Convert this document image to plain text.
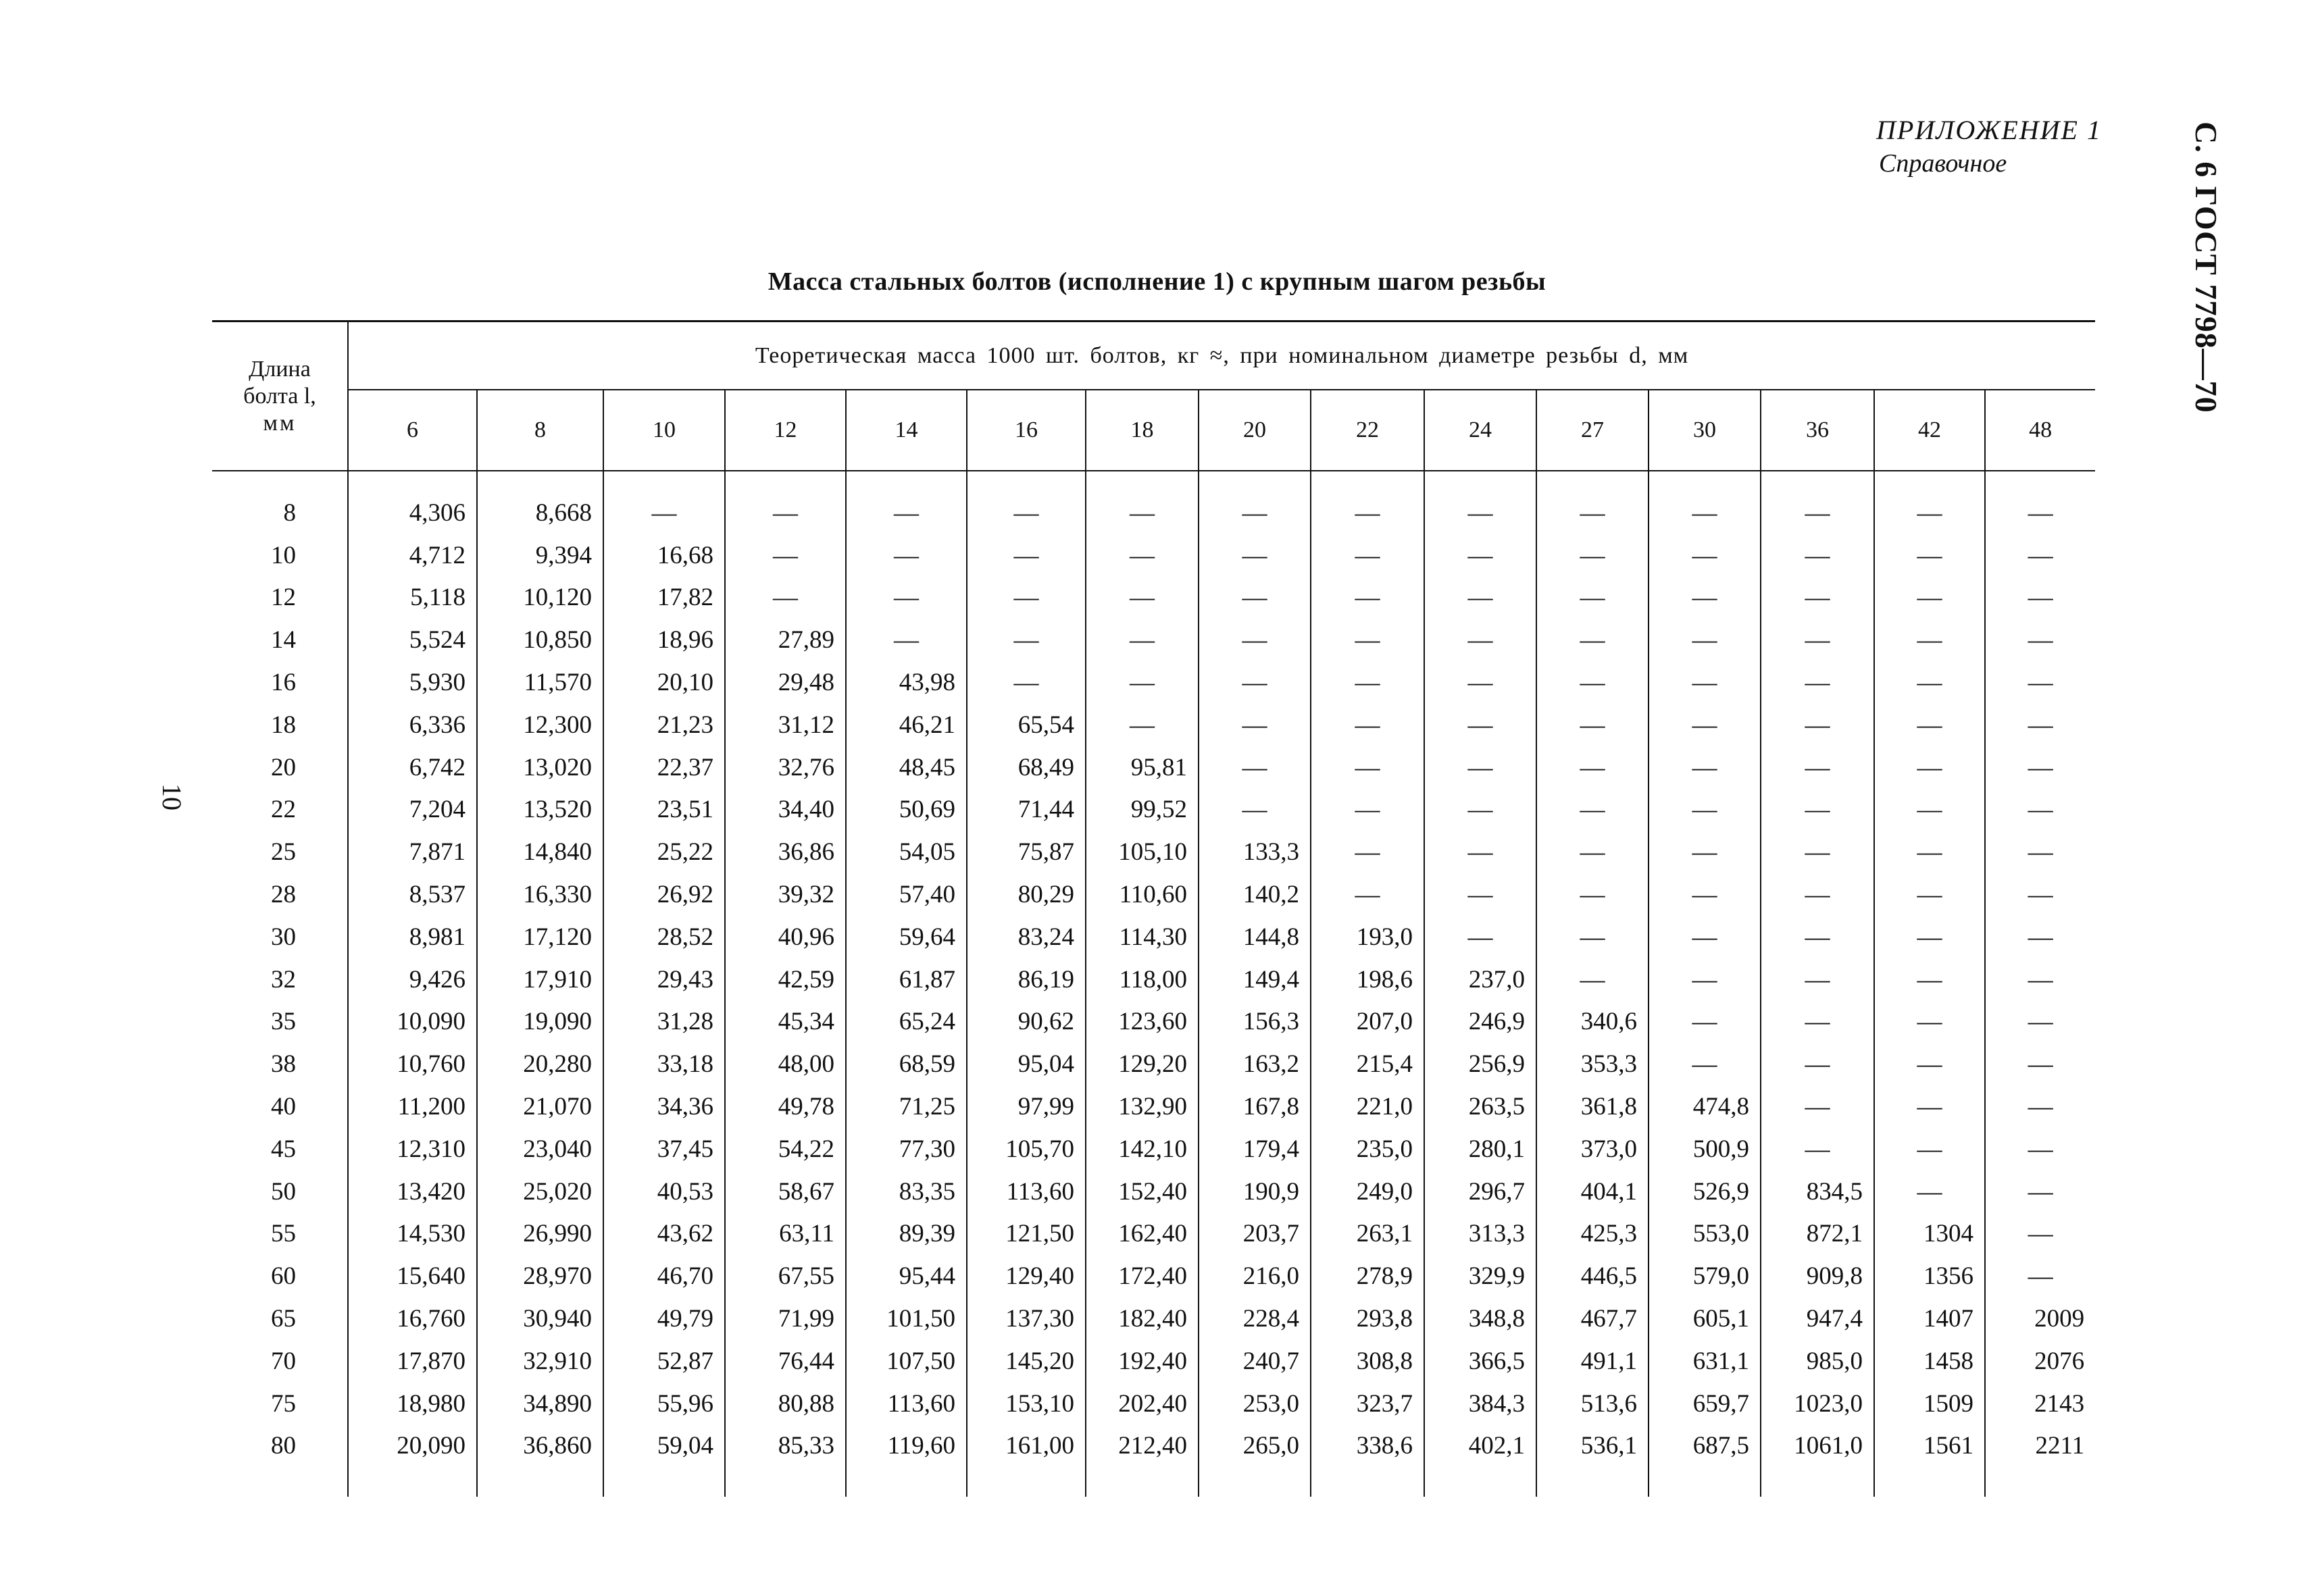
ПРИЛОЖЕНИЕ 1
Справочное	С. 6 ГОСТ 7798—70
10
Масса стальных болтов (исполнение 1) с крупным шагом резьбы
Длина
болта l,
мм	Теоретическая масса 1000 шт. болтов, кг ≈, при номинальном диаметре резьбы d, мм														
	6	8	10	12	14	16	18	20	22	24	27	30	36	42	48

8	4,306	8,668	—	—	—	—	—	—	—	—	—	—	—	—	—
10	4,712	9,394	16,68	—	—	—	—	—	—	—	—	—	—	—	—
12	5,118	10,120	17,82	—	—	—	—	—	—	—	—	—	—	—	—
14	5,524	10,850	18,96	27,89	—	—	—	—	—	—	—	—	—	—	—
16	5,930	11,570	20,10	29,48	43,98	—	—	—	—	—	—	—	—	—	—
18	6,336	12,300	21,23	31,12	46,21	65,54	—	—	—	—	—	—	—	—	—
20	6,742	13,020	22,37	32,76	48,45	68,49	95,81	—	—	—	—	—	—	—	—
22	7,204	13,520	23,51	34,40	50,69	71,44	99,52	—	—	—	—	—	—	—	—
25	7,871	14,840	25,22	36,86	54,05	75,87	105,10	133,3	—	—	—	—	—	—	—
28	8,537	16,330	26,92	39,32	57,40	80,29	110,60	140,2	—	—	—	—	—	—	—
30	8,981	17,120	28,52	40,96	59,64	83,24	114,30	144,8	193,0	—	—	—	—	—	—
32	9,426	17,910	29,43	42,59	61,87	86,19	118,00	149,4	198,6	237,0	—	—	—	—	—
35	10,090	19,090	31,28	45,34	65,24	90,62	123,60	156,3	207,0	246,9	340,6	—	—	—	—
38	10,760	20,280	33,18	48,00	68,59	95,04	129,20	163,2	215,4	256,9	353,3	—	—	—	—
40	11,200	21,070	34,36	49,78	71,25	97,99	132,90	167,8	221,0	263,5	361,8	474,8	—	—	—
45	12,310	23,040	37,45	54,22	77,30	105,70	142,10	179,4	235,0	280,1	373,0	500,9	—	—	—
50	13,420	25,020	40,53	58,67	83,35	113,60	152,40	190,9	249,0	296,7	404,1	526,9	834,5	—	—
55	14,530	26,990	43,62	63,11	89,39	121,50	162,40	203,7	263,1	313,3	425,3	553,0	872,1	1304	—
60	15,640	28,970	46,70	67,55	95,44	129,40	172,40	216,0	278,9	329,9	446,5	579,0	909,8	1356	—
65	16,760	30,940	49,79	71,99	101,50	137,30	182,40	228,4	293,8	348,8	467,7	605,1	947,4	1407	2009
70	17,870	32,910	52,87	76,44	107,50	145,20	192,40	240,7	308,8	366,5	491,1	631,1	985,0	1458	2076
75	18,980	34,890	55,96	80,88	113,60	153,10	202,40	253,0	323,7	384,3	513,6	659,7	1023,0	1509	2143
80	20,090	36,860	59,04	85,33	119,60	161,00	212,40	265,0	338,6	402,1	536,1	687,5	1061,0	1561	2211
